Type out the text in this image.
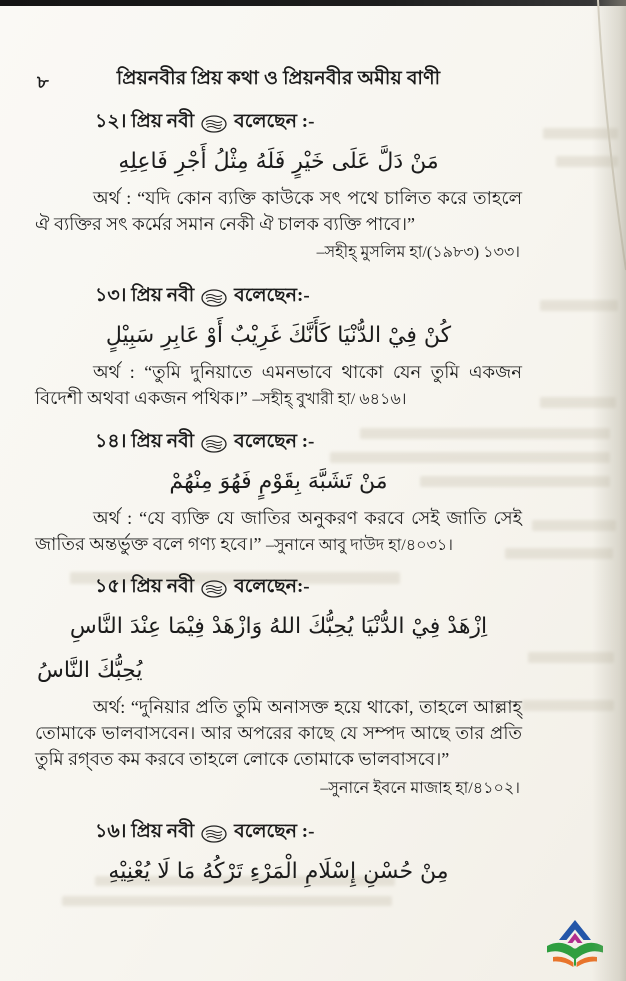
৮	প্রিয়নবীর প্রিয় কথা ও প্রিয়নবীর অমীয় বাণী
১২। প্রিয় নবী বলেছেন :-

مَنْ دَلَّ عَلَى خَيْرٍ فَلَهُ مِثْلُ أَجْرِ فَاعِلِهِ

অর্থ : “যদি কোন ব্যক্তি কাউকে সৎ পথে চালিত করে তাহলে ঐ ব্যক্তির সৎ কর্মের সমান নেকী ঐ চালক ব্যক্তি পাবে।”

–সহীহ্ মুসলিম হা/(১৯৮৩) ১৩৩।

১৩। প্রিয় নবী বলেছেন:-

كُنْ فِيْ الدُّنْيَا كَأَنَّكَ غَرِيْبٌ أَوْ عَابِرِ سَبِيْلٍ

অর্থ : “তুমি দুনিয়াতে এমনভাবে থাকো যেন তুমি একজন বিদেশী অথবা একজন পথিক।” –সহীহ্ বুখারী হা/ ৬৪১৬।

১৪। প্রিয় নবী বলেছেন :-

مَنْ تَشَبَّهَ بِقَوْمٍ فَهُوَ مِنْهُمْ

অর্থ : “যে ব্যক্তি যে জাতির অনুকরণ করবে সেই জাতি সেই জাতির অন্তর্ভুক্ত বলে গণ্য হবে।” –সুনানে আবু দাউদ হা/৪০৩১।

১৫। প্রিয় নবী বলেছেন:-

اِزْهَدْ فِيْ الدُّنْيَا يُحِبُّكَ اللهُ وَازْهَدْ فِيْمَا عِنْدَ النَّاسِ

يُحِبُّكَ النَّاسُ

অর্থ: “দুনিয়ার প্রতি তুমি অনাসক্ত হয়ে থাকো, তাহলে আল্লাহ্ তোমাকে ভালবাসবেন। আর অপরের কাছে যে সম্পদ আছে তার প্রতি তুমি রগ্‌বত কম করবে তাহলে লোকে তোমাকে ভালবাসবে।”

–সুনানে ইবনে মাজাহ হা/৪১০২।

১৬। প্রিয় নবী বলেছেন :-

مِنْ حُسْنِ إِسْلَامِ الْمَرْءِ تَرْكُهُ مَا لَا يُعْنِيْهِ
